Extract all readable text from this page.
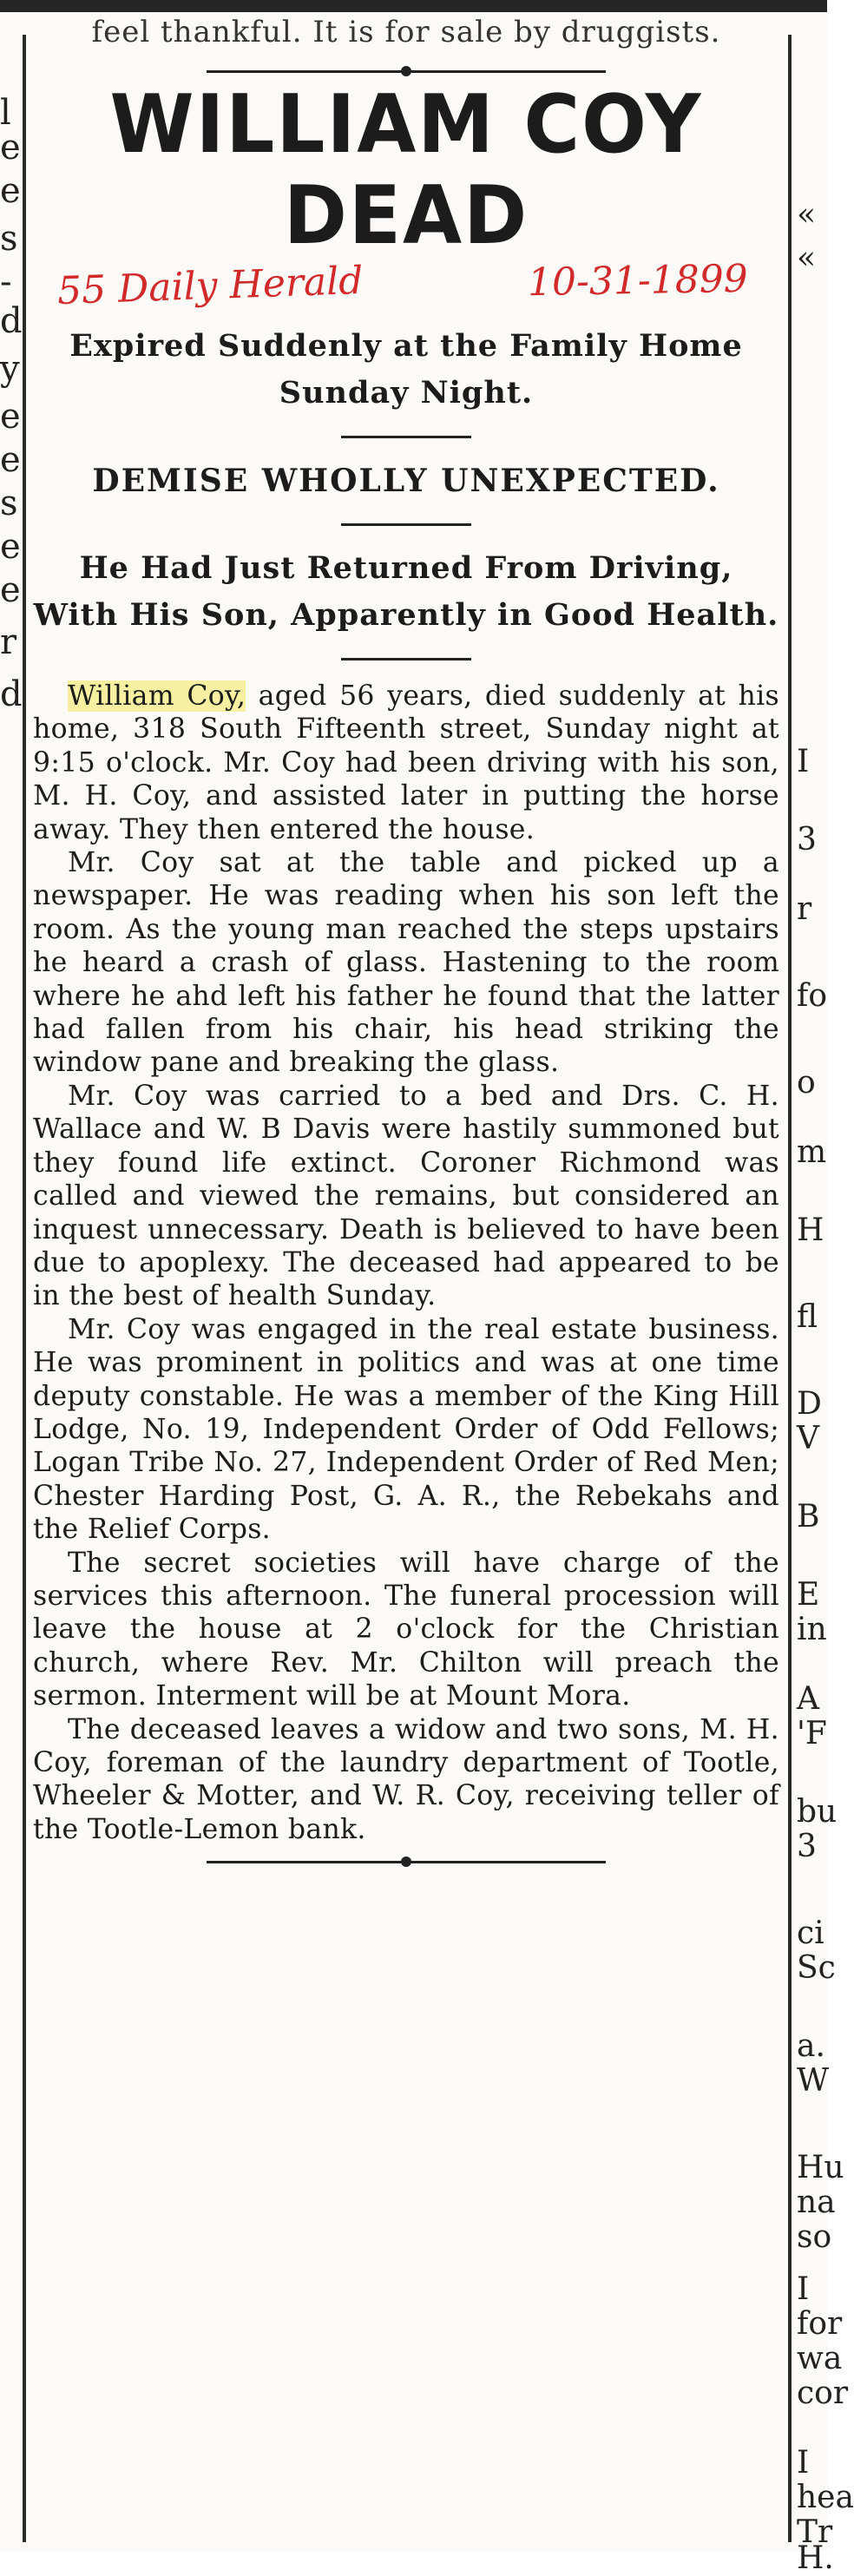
l
e
e
s
-
d
y
e
e
s
e
e
r
d
«
«
I
3
r
fo
o
m
H
fl
D
V
B
E
in
A
'F
bu
3
ci
Sc
a.
W
Hu
na
so
I
for
wa
cor
I
hea
Tr
H.
feel thankful. It is for sale by druggists.
WILLIAM COY DEAD
55 Daily Herald	10-31-1899
Expired Suddenly at the Family Home Sunday Night.
DEMISE WHOLLY UNEXPECTED.
He Had Just Returned From Driving, With His Son, Apparently in Good Health.

William Coy, aged 56 years, died suddenly at his home, 318 South Fifteenth street, Sunday night at 9:15 o'clock. Mr. Coy had been driving with his son, M. H. Coy, and assisted later in putting the horse away. They then entered the house.

Mr. Coy sat at the table and picked up a newspaper. He was reading when his son left the room. As the young man reached the steps upstairs he heard a crash of glass. Hastening to the room where he ahd left his father he found that the latter had fallen from his chair, his head striking the window pane and breaking the glass.

Mr. Coy was carried to a bed and Drs. C. H. Wallace and W. B Davis were hastily summoned but they found life extinct. Coroner Richmond was called and viewed the remains, but considered an inquest unnecessary. Death is believed to have been due to apoplexy. The deceased had appeared to be in the best of health Sunday.

Mr. Coy was engaged in the real estate business. He was prominent in politics and was at one time deputy constable. He was a member of the King Hill Lodge, No. 19, Independent Order of Odd Fellows; Logan Tribe No. 27, Independent Order of Red Men; Chester Harding Post, G. A. R., the Rebekahs and the Relief Corps.

The secret societies will have charge of the services this afternoon. The funeral procession will leave the house at 2 o'clock for the Christian church, where Rev. Mr. Chilton will preach the sermon. Interment will be at Mount Mora.

The deceased leaves a widow and two sons, M. H. Coy, foreman of the laundry department of Tootle, Wheeler & Motter, and W. R. Coy, receiving teller of the Tootle-Lemon bank.
